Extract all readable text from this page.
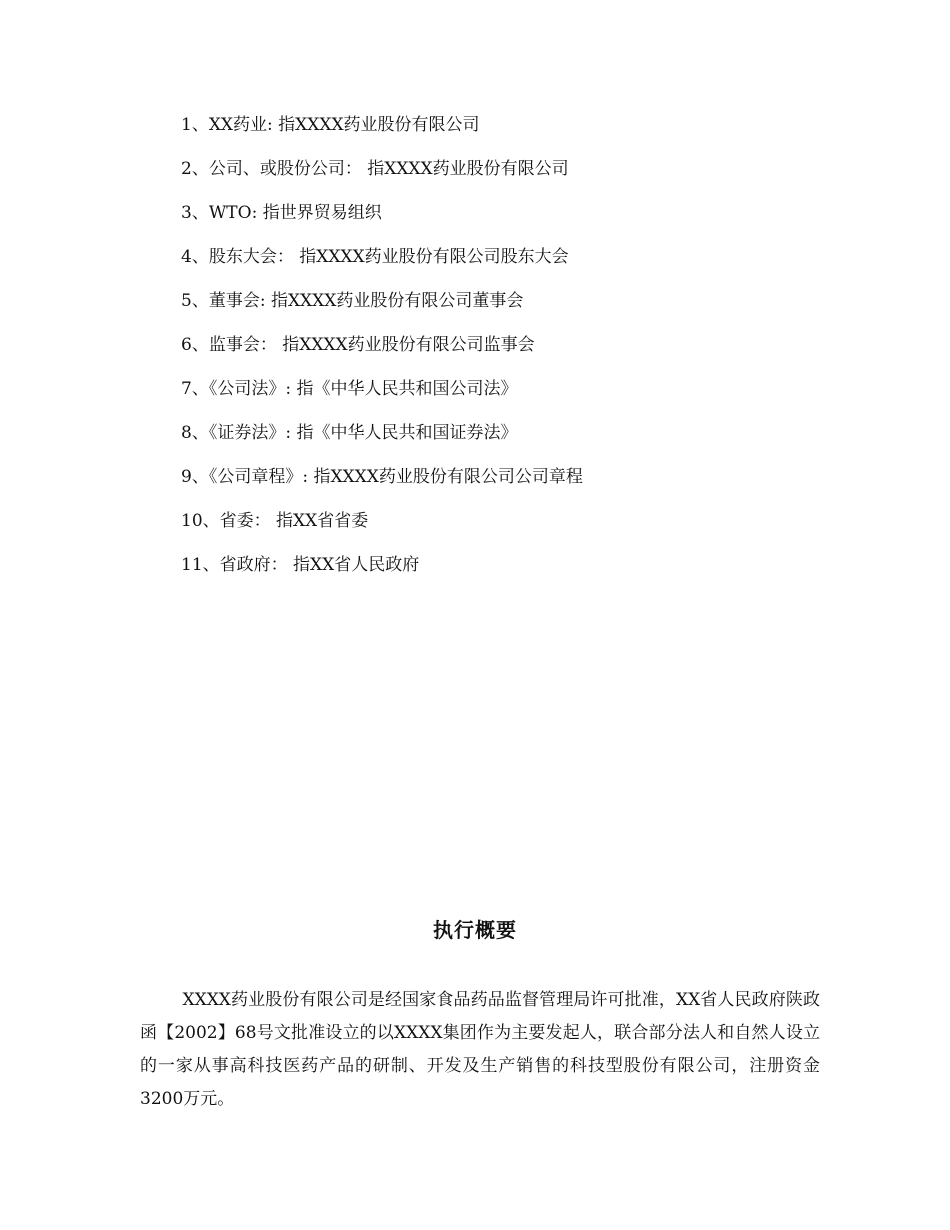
1、XX药业: 指XXXX药业股份有限公司
2、公司、或股份公司： 指XXXX药业股份有限公司
3、WTO: 指世界贸易组织
4、股东大会： 指XXXX药业股份有限公司股东大会
5、董事会: 指XXXX药业股份有限公司董事会
6、监事会： 指XXXX药业股份有限公司监事会
7、《公司法》: 指《中华人民共和国公司法》
8、《证券法》: 指《中华人民共和国证券法》
9、《公司章程》: 指XXXX药业股份有限公司公司章程
10、省委： 指XX省省委
11、省政府： 指XX省人民政府
执行概要

XXXX药业股份有限公司是经国家食品药品监督管理局许可批准，XX省人民政府陕政函【2002】68号文批准设立的以XXXX集团作为主要发起人，联合部分法人和自然人设立的一家从事高科技医药产品的研制、开发及生产销售的科技型股份有限公司，注册资金3200万元。
